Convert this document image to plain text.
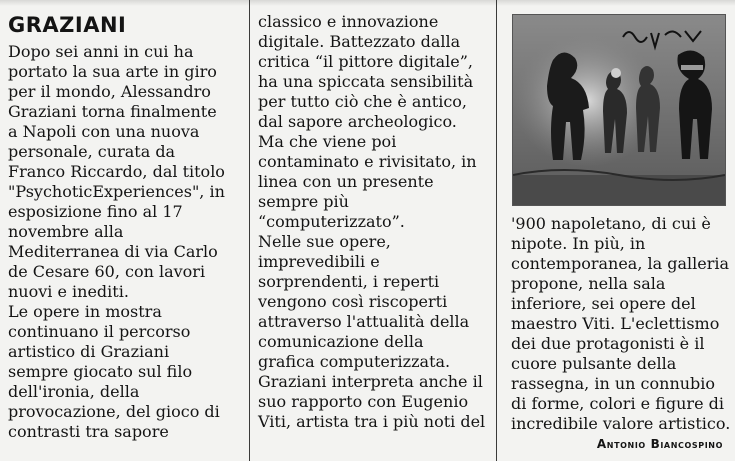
GRAZIANI
Dopo sei anni in cui ha
portato la sua arte in giro
per il mondo, Alessandro
Graziani torna finalmente
a Napoli con una nuova
personale, curata da
Franco Riccardo, dal titolo
"PsychoticExperiences", in
esposizione fino al 17
novembre alla
Mediterranea di via Carlo
de Cesare 60, con lavori
nuovi e inediti.
Le opere in mostra
continuano il percorso
artistico di Graziani
sempre giocato sul filo
dell'ironia, della
provocazione, del gioco di
contrasti tra sapore
classico e innovazione
digitale. Battezzato dalla
critica “il pittore digitale”,
ha una spiccata sensibilità
per tutto ciò che è antico,
dal sapore archeologico.
Ma che viene poi
contaminato e rivisitato, in
linea con un presente
sempre più
“computerizzato”.
Nelle sue opere,
imprevedibili e
sorprendenti, i reperti
vengono così riscoperti
attraverso l'attualità della
comunicazione della
grafica computerizzata.
Graziani interpreta anche il
suo rapporto con Eugenio
Viti, artista tra i più noti del
'900 napoletano, di cui è
nipote. In più, in
contemporanea, la galleria
propone, nella sala
inferiore, sei opere del
maestro Viti. L'eclettismo
dei due protagonisti è il
cuore pulsante della
rassegna, in un connubio
di forme, colori e figure di
incredibile valore artistico.
Antonio Biancospino
